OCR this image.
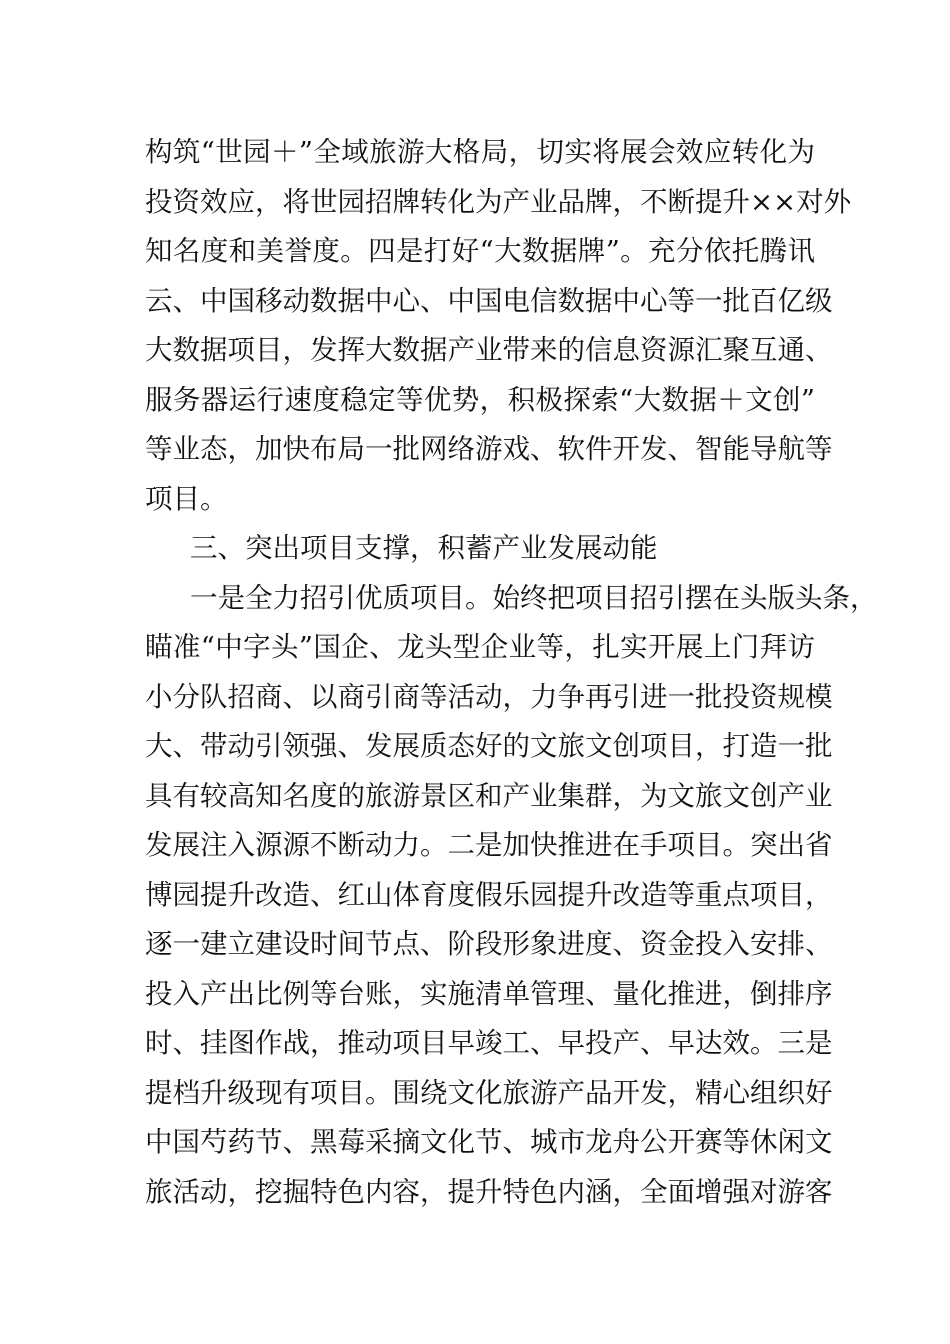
构筑“世园＋”全域旅游大格局，切实将展会效应转化为
投资效应，将世园招牌转化为产业品牌，不断提升××对外
知名度和美誉度。四是打好“大数据牌”。充分依托腾讯
云、中国移动数据中心、中国电信数据中心等一批百亿级
大数据项目，发挥大数据产业带来的信息资源汇聚互通、
服务器运行速度稳定等优势，积极探索“大数据＋文创”
等业态，加快布局一批网络游戏、软件开发、智能导航等
项目。
三、突出项目支撑，积蓄产业发展动能
一是全力招引优质项目。始终把项目招引摆在头版头条，
瞄准“中字头”国企、龙头型企业等，扎实开展上门拜访
小分队招商、以商引商等活动，力争再引进一批投资规模
大、带动引领强、发展质态好的文旅文创项目，打造一批
具有较高知名度的旅游景区和产业集群，为文旅文创产业
发展注入源源不断动力。二是加快推进在手项目。突出省
博园提升改造、红山体育度假乐园提升改造等重点项目，
逐一建立建设时间节点、阶段形象进度、资金投入安排、
投入产出比例等台账，实施清单管理、量化推进，倒排序
时、挂图作战，推动项目早竣工、早投产、早达效。三是
提档升级现有项目。围绕文化旅游产品开发，精心组织好
中国芍药节、黑莓采摘文化节、城市龙舟公开赛等休闲文
旅活动，挖掘特色内容，提升特色内涵，全面增强对游客
